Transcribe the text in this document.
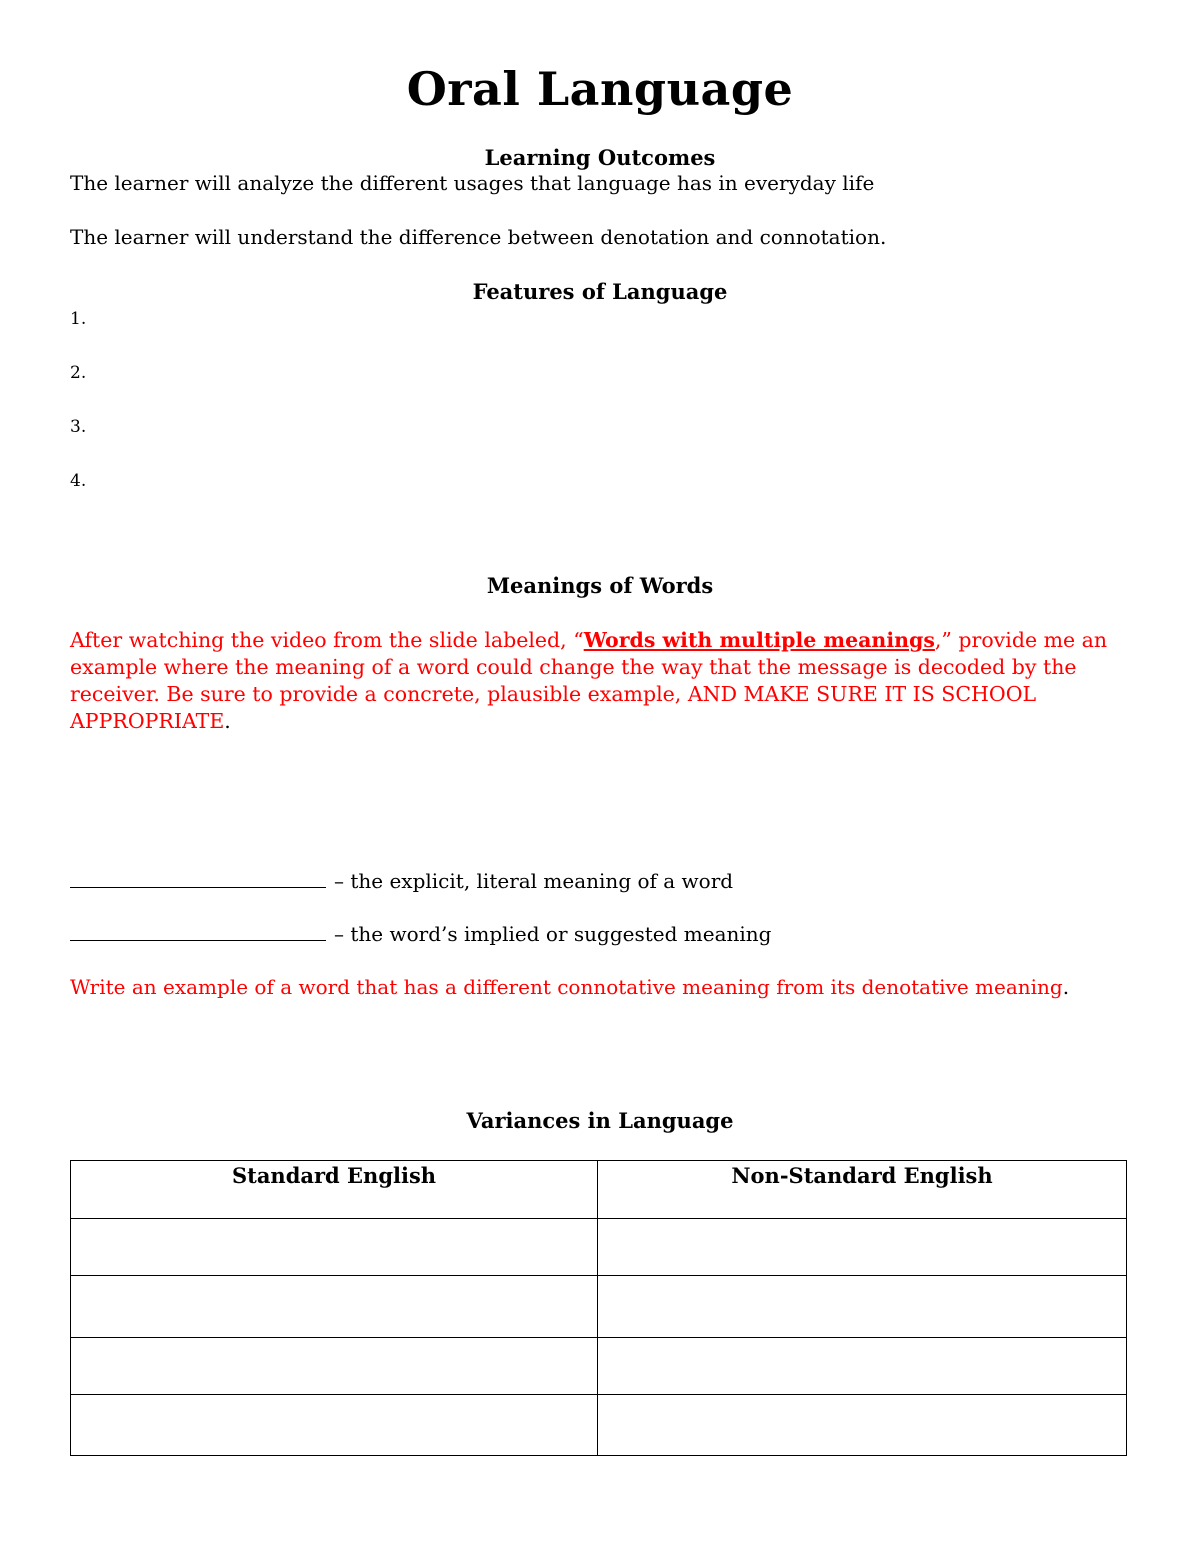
Oral Language
Learning Outcomes
The learner will analyze the different usages that language has in everyday life
The learner will understand the difference between denotation and connotation.
Features of Language
1.
2.
3.
4.
Meanings of Words
After watching the video from the slide labeled, “Words with multiple meanings,” provide me an example where the meaning of a word could change the way that the message is decoded by the receiver. Be sure to provide a concrete, plausible example, AND MAKE SURE IT IS SCHOOL APPROPRIATE.
– the explicit, literal meaning of a word
– the word’s implied or suggested meaning
Write an example of a word that has a different connotative meaning from its denotative meaning.
Variances in Language
Standard English	Non-Standard English
